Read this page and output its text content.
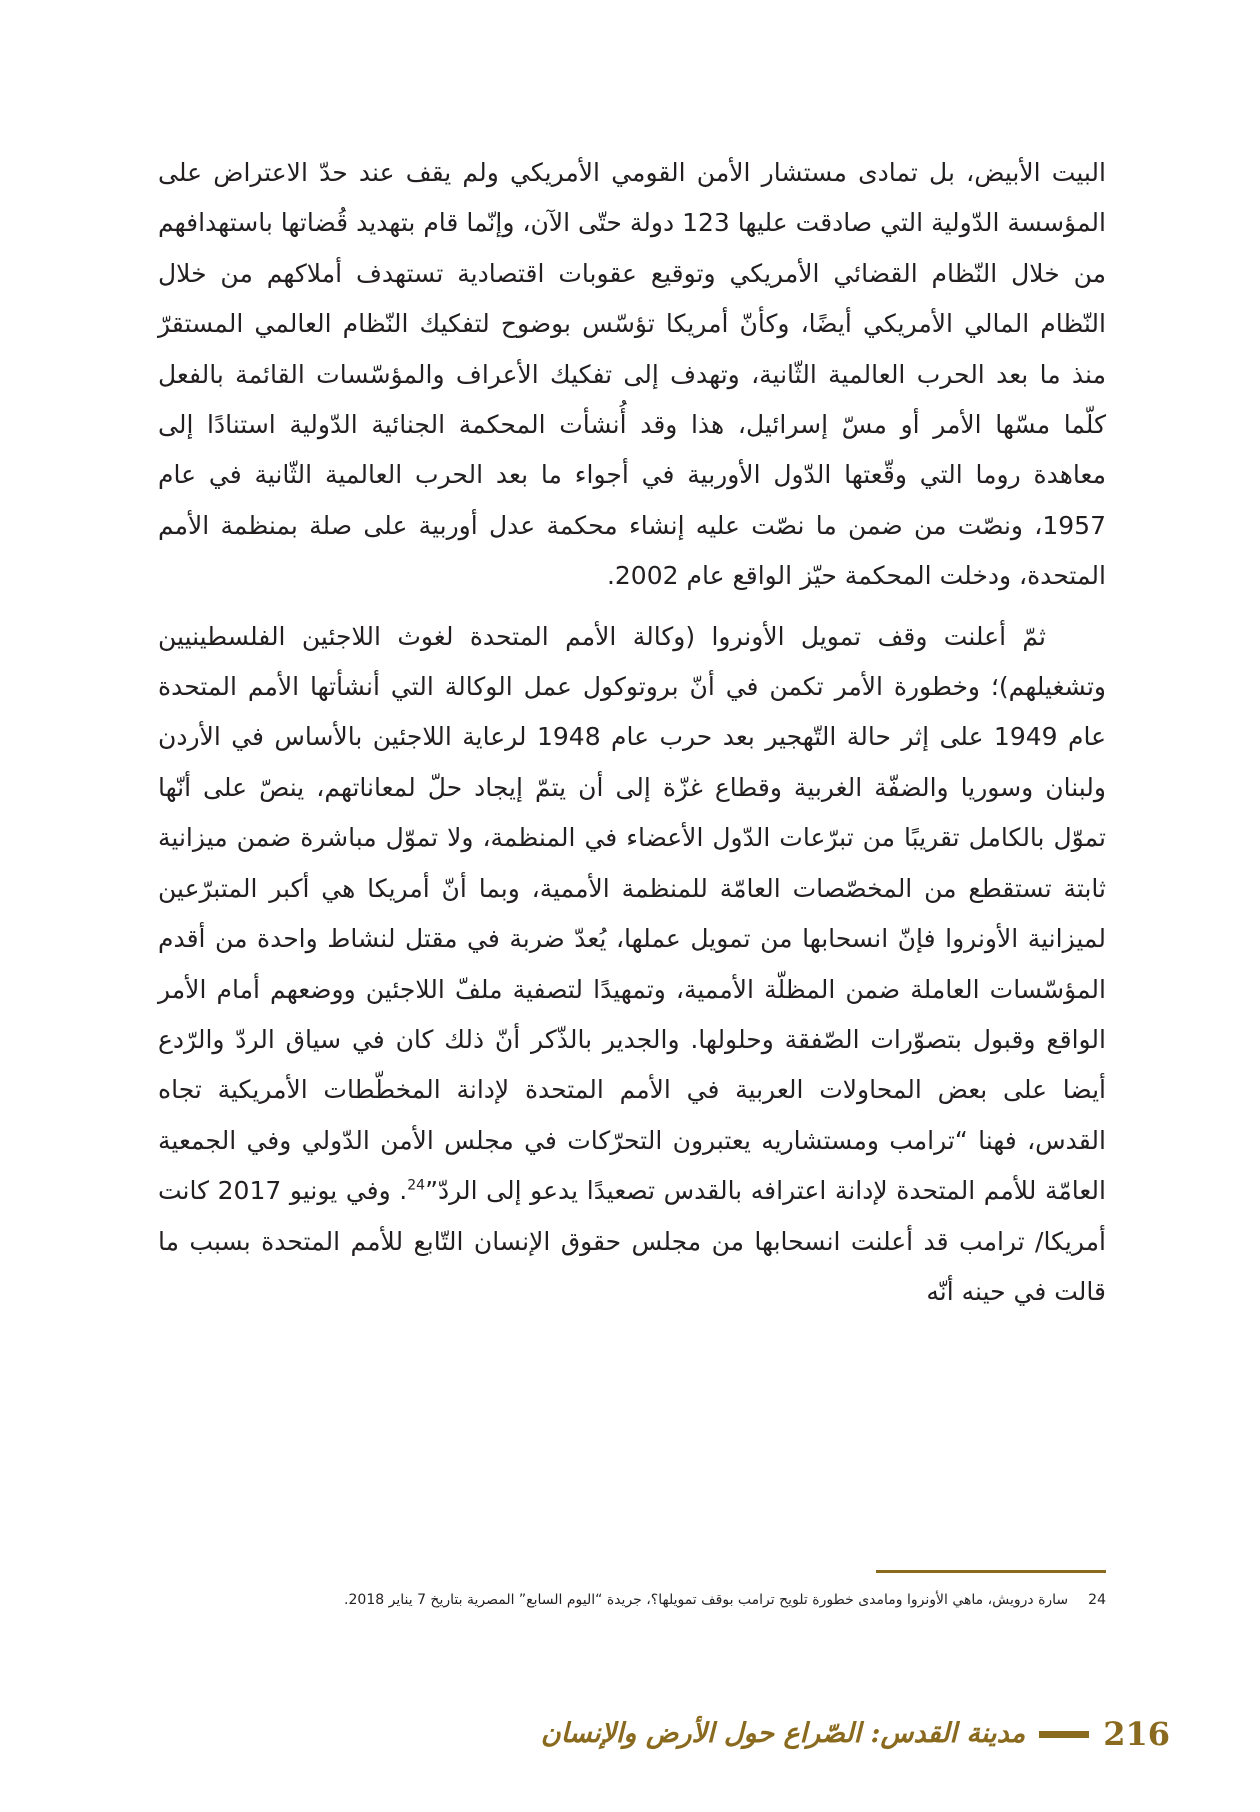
البيت الأبيض، بل تمادى مستشار الأمن القومي الأمريكي ولم يقف عند حدّ الاعتراض على المؤسسة الدّولية التي صادقت عليها 123 دولة حتّى الآن، وإنّما قام بتهديد قُضاتها باستهدافهم من خلال النّظام القضائي الأمريكي وتوقيع عقوبات اقتصادية تستهدف أملاكهم من خلال النّظام المالي الأمريكي أيضًا، وكأنّ أمريكا تؤسّس بوضوح لتفكيك النّظام العالمي المستقرّ منذ ما بعد الحرب العالمية الثّانية، وتهدف إلى تفكيك الأعراف والمؤسّسات القائمة بالفعل كلّما مسّها الأمر أو مسّ إسرائيل، هذا وقد أُنشأت المحكمة الجنائية الدّولية استنادًا إلى معاهدة روما التي وقّعتها الدّول الأوربية في أجواء ما بعد الحرب العالمية الثّانية في عام 1957، ونصّت من ضمن ما نصّت عليه إنشاء محكمة عدل أوربية على صلة بمنظمة الأمم المتحدة، ودخلت المحكمة حيّز الواقع عام 2002.

ثمّ أعلنت وقف تمويل الأونروا (وكالة الأمم المتحدة لغوث اللاجئين الفلسطينيين وتشغيلهم)؛ وخطورة الأمر تكمن في أنّ بروتوكول عمل الوكالة التي أنشأتها الأمم المتحدة عام 1949 على إثر حالة التّهجير بعد حرب عام 1948 لرعاية اللاجئين بالأساس في الأردن ولبنان وسوريا والضفّة الغربية وقطاع غزّة إلى أن يتمّ إيجاد حلّ لمعاناتهم، ينصّ على أنّها تموّل بالكامل تقريبًا من تبرّعات الدّول الأعضاء في المنظمة، ولا تموّل مباشرة ضمن ميزانية ثابتة تستقطع من المخصّصات العامّة للمنظمة الأممية، وبما أنّ أمريكا هي أكبر المتبرّعين لميزانية الأونروا فإنّ انسحابها من تمويل عملها، يُعدّ ضربة في مقتل لنشاط واحدة من أقدم المؤسّسات العاملة ضمن المظلّة الأممية، وتمهيدًا لتصفية ملفّ اللاجئين ووضعهم أمام الأمر الواقع وقبول بتصوّرات الصّفقة وحلولها. والجدير بالذّكر أنّ ذلك كان في سياق الردّ والرّدع أيضا على بعض المحاولات العربية في الأمم المتحدة لإدانة المخطّطات الأمريكية تجاه القدس، فهنا “ترامب ومستشاريه يعتبرون التحرّكات في مجلس الأمن الدّولي وفي الجمعية العامّة للأمم المتحدة لإدانة اعترافه بالقدس تصعيدًا يدعو إلى الردّ”$^{24}$. وفي يونيو 2017 كانت أمريكا/ ترامب قد أعلنت انسحابها من مجلس حقوق الإنسان التّابع للأمم المتحدة بسبب ما قالت في حينه أنّه

24سارة درويش، ماهي الأونروا ومامدى خطورة تلويح ترامب بوقف تمويلها؟، جريدة “اليوم السابع” المصرية بتاريخ 7 يناير 2018.
216
مدينة القدس: الصّراع حول الأرض والإنسان
